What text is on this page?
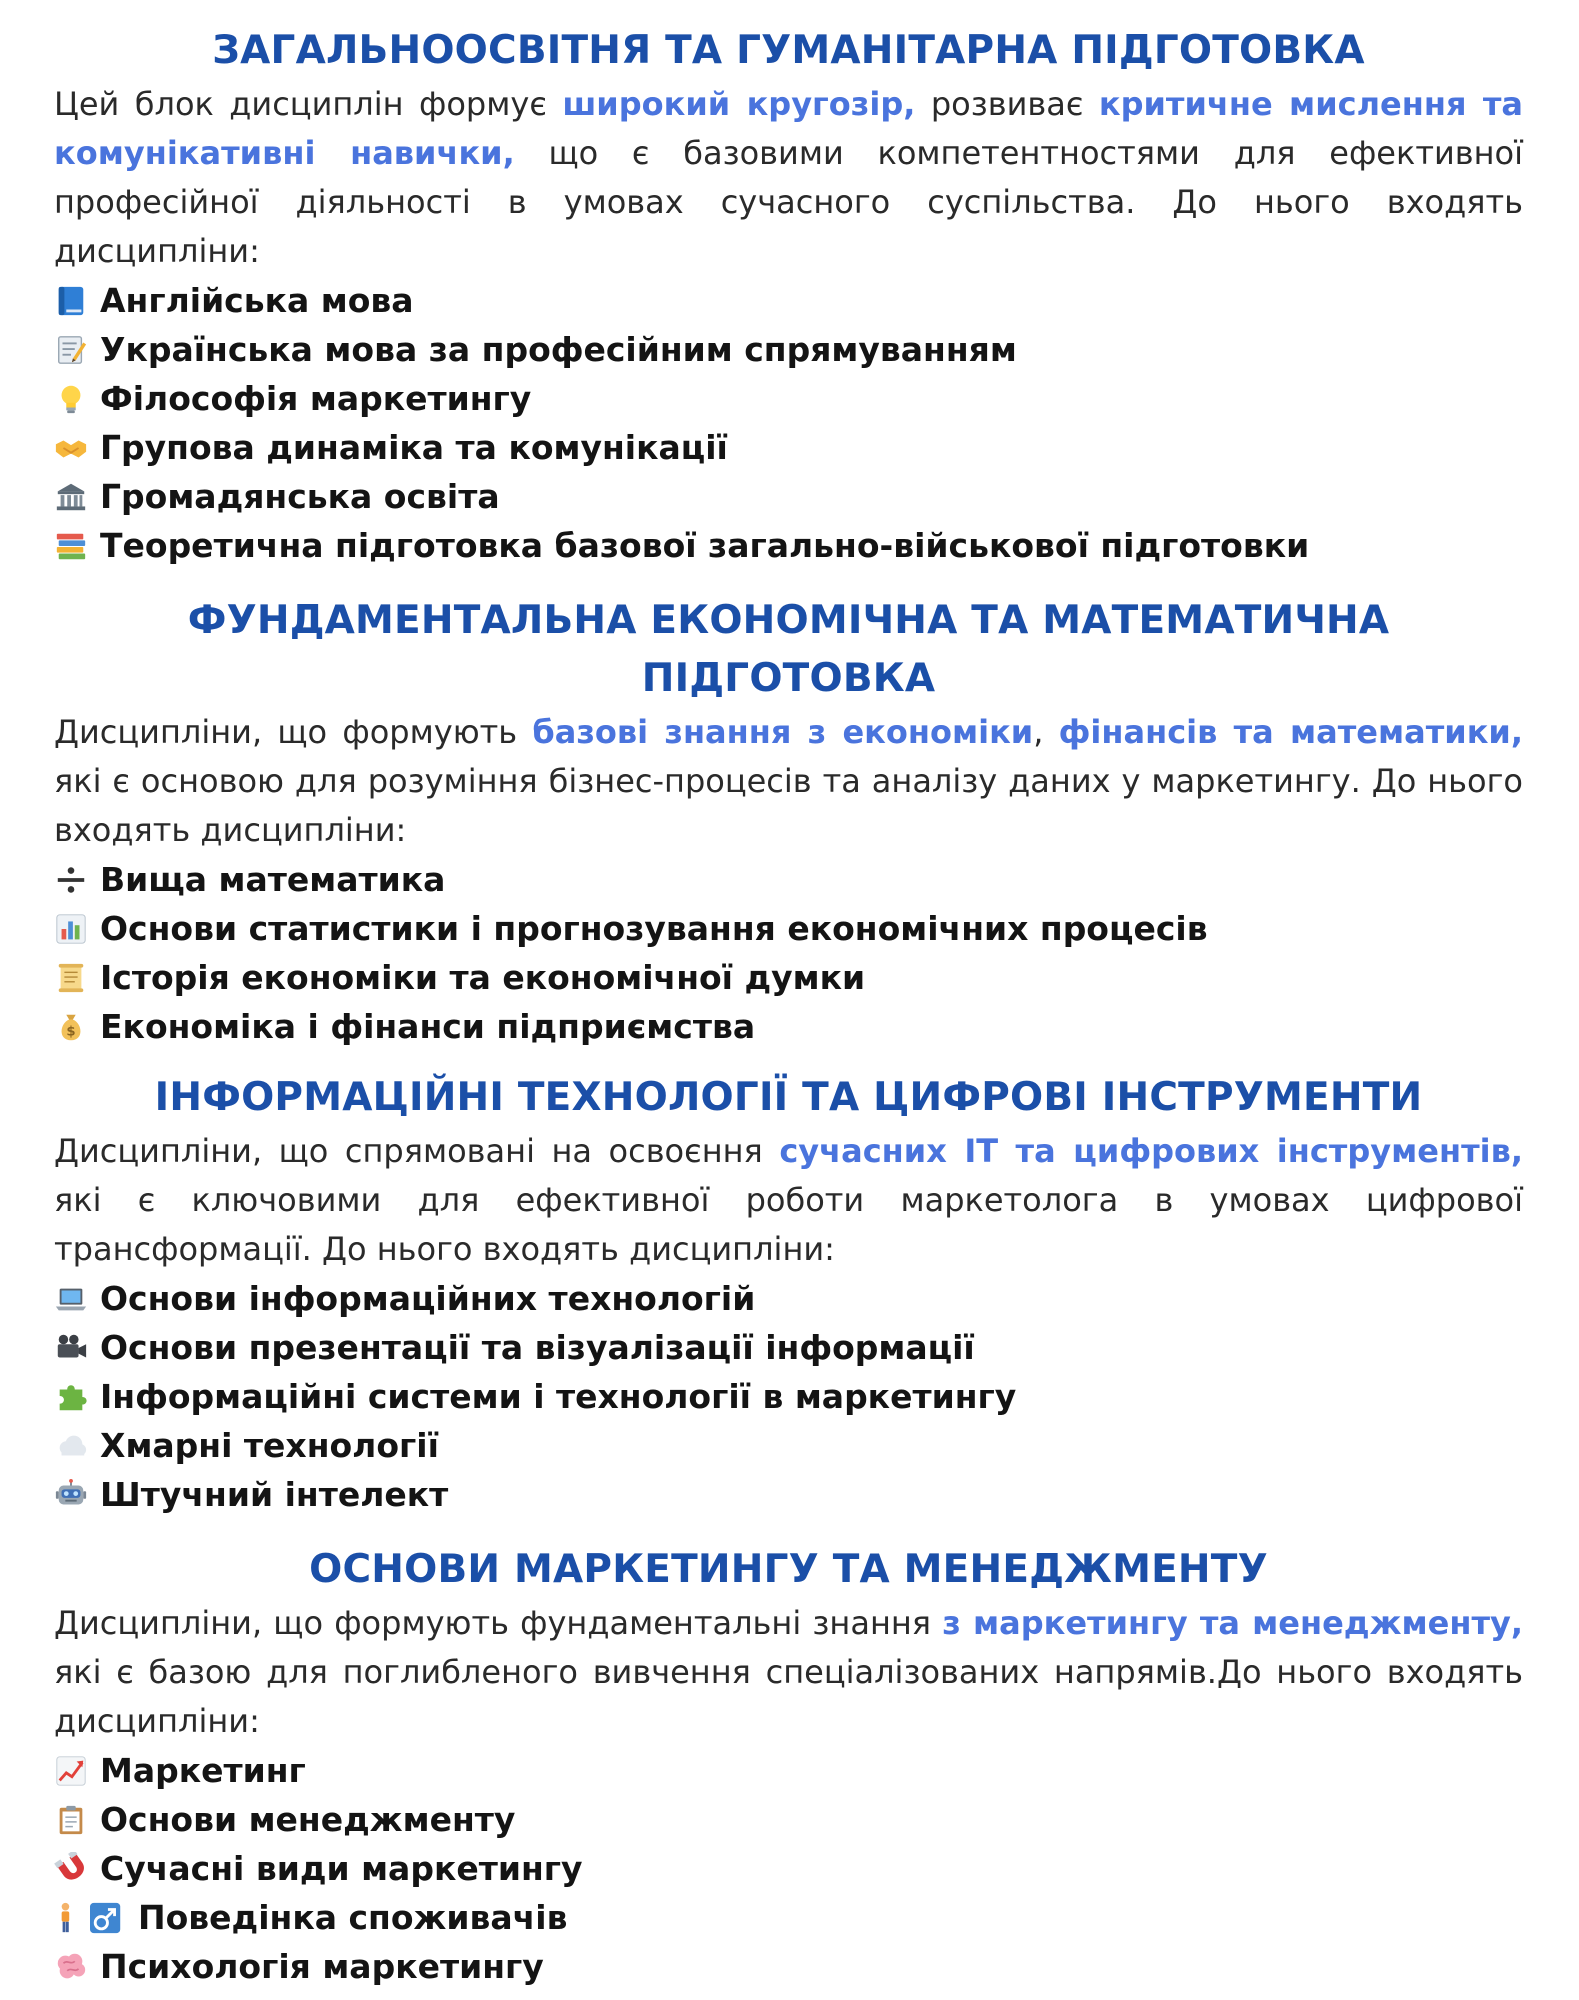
ЗАГАЛЬНООСВІТНЯ ТА ГУМАНІТАРНА ПІДГОТОВКА

Цей блок дисциплін формує широкий кругозір, розвиває критичне мислення та комунікативні навички, що є базовими компетентностями для ефективної професійної діяльності в умовах сучасного суспільства. До нього входять дисципліни:

Англійська мова
Українська мова за професійним спрямуванням
Філософія маркетингу
Групова динаміка та комунікації
Громадянська освіта
Теоретична підготовка базової загально-військової підготовки
ФУНДАМЕНТАЛЬНА ЕКОНОМІЧНА ТА МАТЕМАТИЧНА ПІДГОТОВКА

Дисципліни, що формують базові знання з економіки, фінансів та математики, які є основою для розуміння бізнес-процесів та аналізу даних у маркетингу. До нього входять дисципліни:

Вища математика
Основи статистики і прогнозування економічних процесів
Історія економіки та економічної думки
$ Економіка і фінанси підприємства
ІНФОРМАЦІЙНІ ТЕХНОЛОГІЇ ТА ЦИФРОВІ ІНСТРУМЕНТИ

Дисципліни, що спрямовані на освоєння сучасних ІТ та цифрових інструментів, які є ключовими для ефективної роботи маркетолога в умовах цифрової трансформації. До нього входять дисципліни:

Основи інформаційних технологій
Основи презентації та візуалізації інформації
Інформаційні системи і технології в маркетингу
Хмарні технології
Штучний інтелект
ОСНОВИ МАРКЕТИНГУ ТА МЕНЕДЖМЕНТУ

Дисципліни, що формують фундаментальні знання з маркетингу та менеджменту, які є базою для поглибленого вивчення спеціалізованих напрямів.До нього входять дисципліни:

Маркетинг
Основи менеджменту
Сучасні види маркетингу
Поведінка споживачів
Психологія маркетингу
